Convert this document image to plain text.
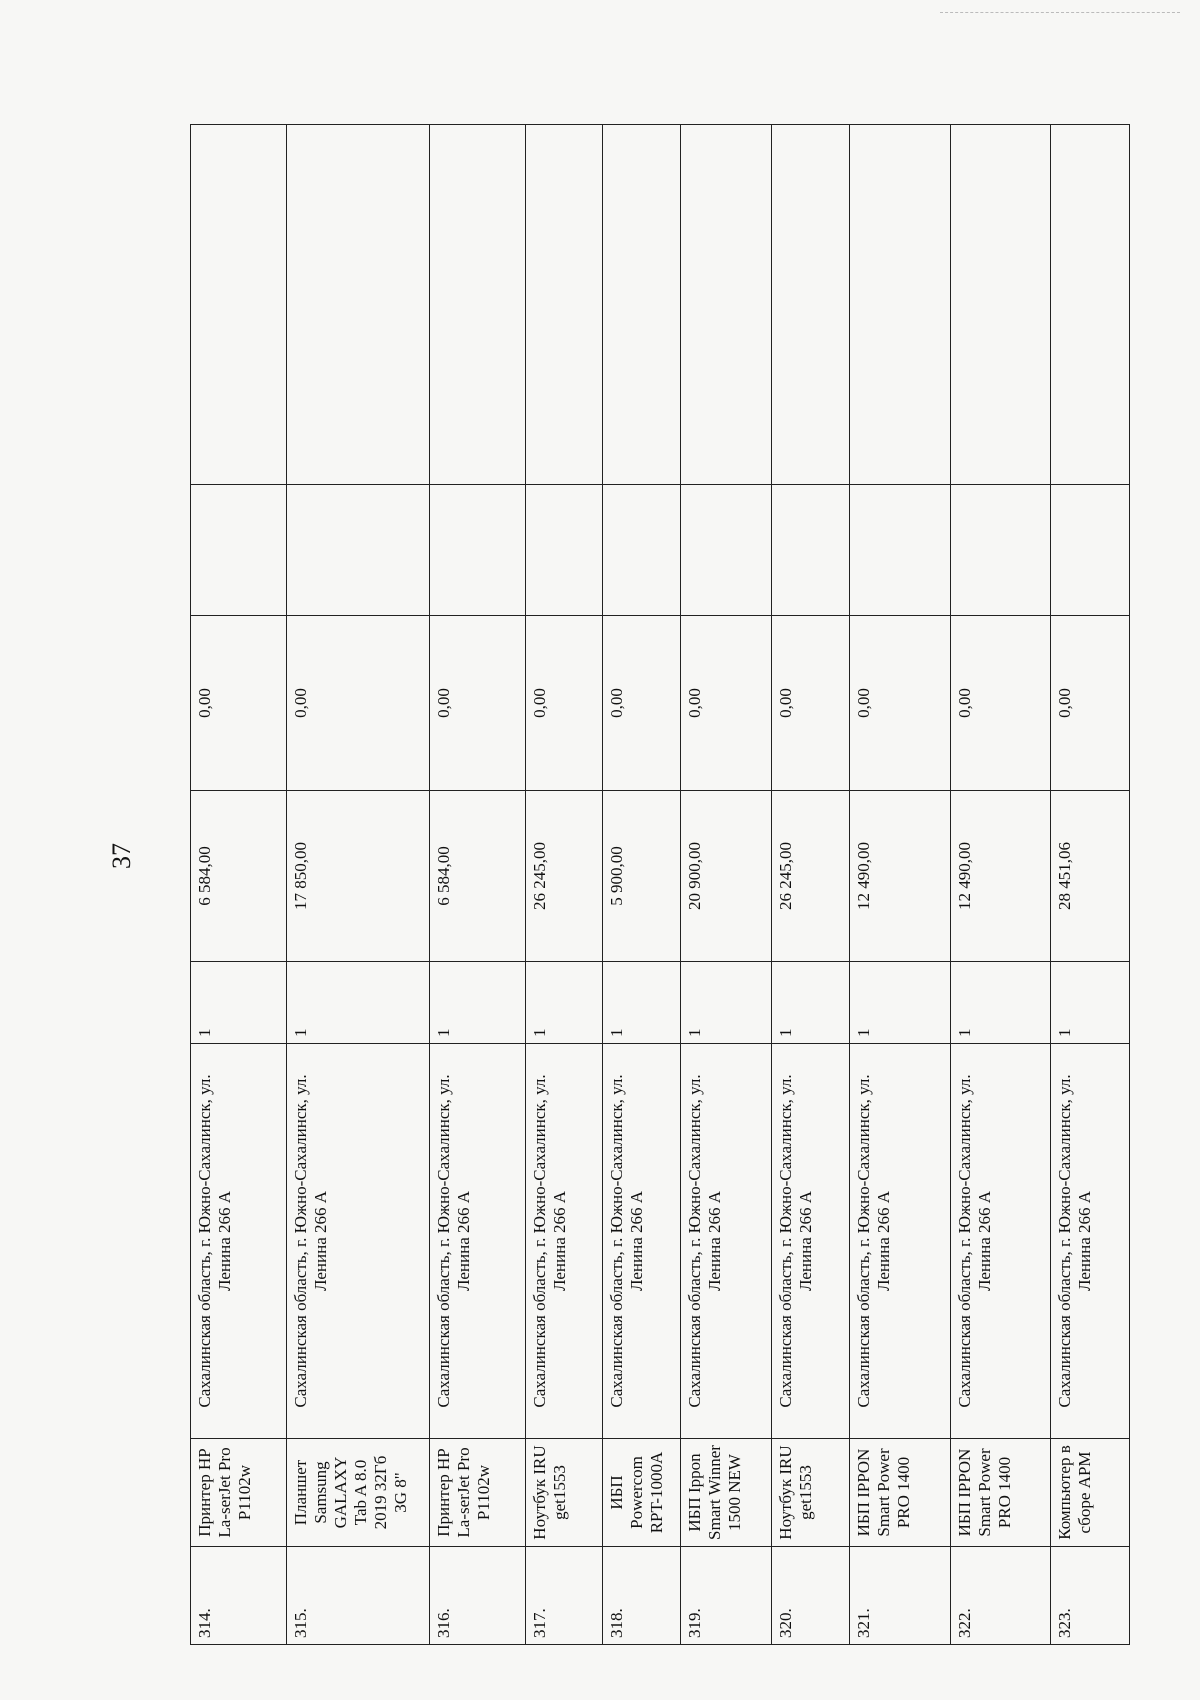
37
314.	Принтер HP La-serJet Pro P1102w	Сахалинская область, г. Южно-Сахалинск, ул. Ленина 266 А	1	6 584,00	0,00		
315.	Планшет Samsung GALAXY Tab A 8.0 2019 32Гб 3G 8"	Сахалинская область, г. Южно-Сахалинск, ул. Ленина 266 А	1	17 850,00	0,00		
316.	Принтер HP La-serJet Pro P1102w	Сахалинская область, г. Южно-Сахалинск, ул. Ленина 266 А	1	6 584,00	0,00		
317.	Ноутбук IRU get1553	Сахалинская область, г. Южно-Сахалинск, ул. Ленина 266 А	1	26 245,00	0,00		
318.	ИБП Powercom RPT-1000A	Сахалинская область, г. Южно-Сахалинск, ул. Ленина 266 А	1	5 900,00	0,00		
319.	ИБП Ippon Smart Winner 1500 NEW	Сахалинская область, г. Южно-Сахалинск, ул. Ленина 266 А	1	20 900,00	0,00		
320.	Ноутбук IRU get1553	Сахалинская область, г. Южно-Сахалинск, ул. Ленина 266 А	1	26 245,00	0,00		
321.	ИБП IPPON Smart Power PRO 1400	Сахалинская область, г. Южно-Сахалинск, ул. Ленина 266 А	1	12 490,00	0,00		
322.	ИБП IPPON Smart Power PRO 1400	Сахалинская область, г. Южно-Сахалинск, ул. Ленина 266 А	1	12 490,00	0,00		
323.	Компьютер в сборе АРМ	Сахалинская область, г. Южно-Сахалинск, ул. Ленина 266 А	1	28 451,06	0,00		
